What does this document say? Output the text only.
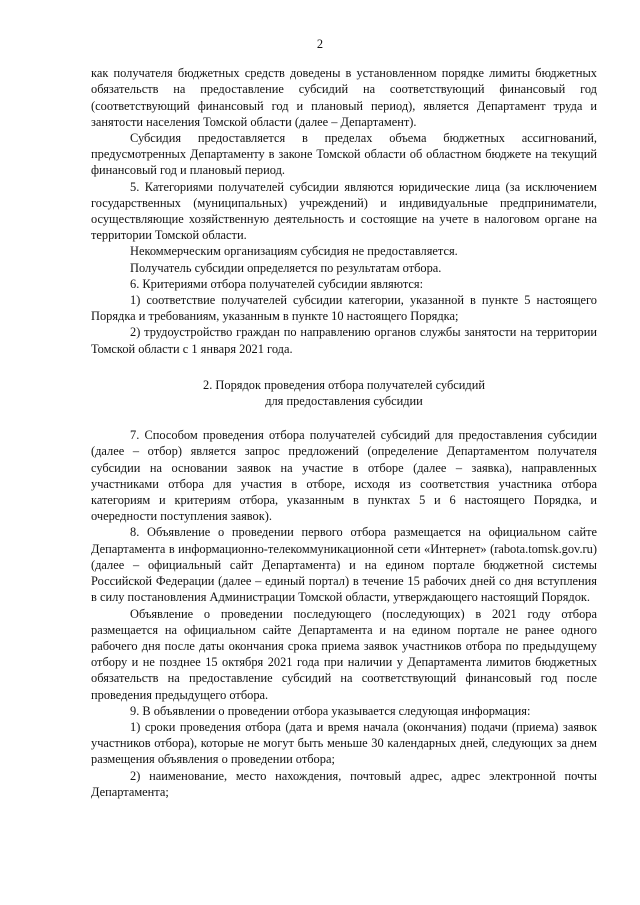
2

как получателя бюджетных средств доведены в установленном порядке лимиты бюджетных обязательств на предоставление субсидий на соответствующий финансовый год (соответствующий финансовый год и плановый период), является Департамент труда и занятости населения Томской области (далее – Департамент).

Субсидия предоставляется в пределах объема бюджетных ассигнований, предусмотренных Департаменту в законе Томской области об областном бюджете на текущий финансовый год и плановый период.

5. Категориями получателей субсидии являются юридические лица (за исключением государственных (муниципальных) учреждений) и индивидуальные предприниматели, осуществляющие хозяйственную деятельность и состоящие на учете в налоговом органе на территории Томской области.

Некоммерческим организациям субсидия не предоставляется.

Получатель субсидии определяется по результатам отбора.

6. Критериями отбора получателей субсидии являются:

1) соответствие получателей субсидии категории, указанной в пункте 5 настоящего Порядка и требованиям, указанным в пункте 10 настоящего Порядка;

2) трудоустройство граждан по направлению органов службы занятости на территории Томской области с 1 января 2021 года.

2. Порядок проведения отбора получателей субсидий
для предоставления субсидии

7. Способом проведения отбора получателей субсидий для предоставления субсидии (далее – отбор) является запрос предложений (определение Департаментом получателя субсидии на основании заявок на участие в отборе (далее – заявка), направленных участниками отбора для участия в отборе, исходя из соответствия участника отбора категориям и критериям отбора, указанным в пунктах 5 и 6 настоящего Порядка, и очередности поступления заявок).

8. Объявление о проведении первого отбора размещается на официальном сайте Департамента в информационно-телекоммуникационной сети «Интернет» (rabota.tomsk.gov.ru) (далее – официальный сайт Департамента) и на едином портале бюджетной системы Российской Федерации (далее – единый портал) в течение 15 рабочих дней со дня вступления в силу постановления Администрации Томской области, утверждающего настоящий Порядок.

Объявление о проведении последующего (последующих) в 2021 году отбора размещается на официальном сайте Департамента и на едином портале не ранее одного рабочего дня после даты окончания срока приема заявок участников отбора по предыдущему отбору и не позднее 15 октября 2021 года при наличии у Департамента лимитов бюджетных обязательств на предоставление субсидий на соответствующий финансовый год после проведения предыдущего отбора.

9. В объявлении о проведении отбора указывается следующая информация:

1) сроки проведения отбора (дата и время начала (окончания) подачи (приема) заявок участников отбора), которые не могут быть меньше 30 календарных дней, следующих за днем размещения объявления о проведении отбора;

2) наименование, место нахождения, почтовый адрес, адрес электронной почты Департамента;
